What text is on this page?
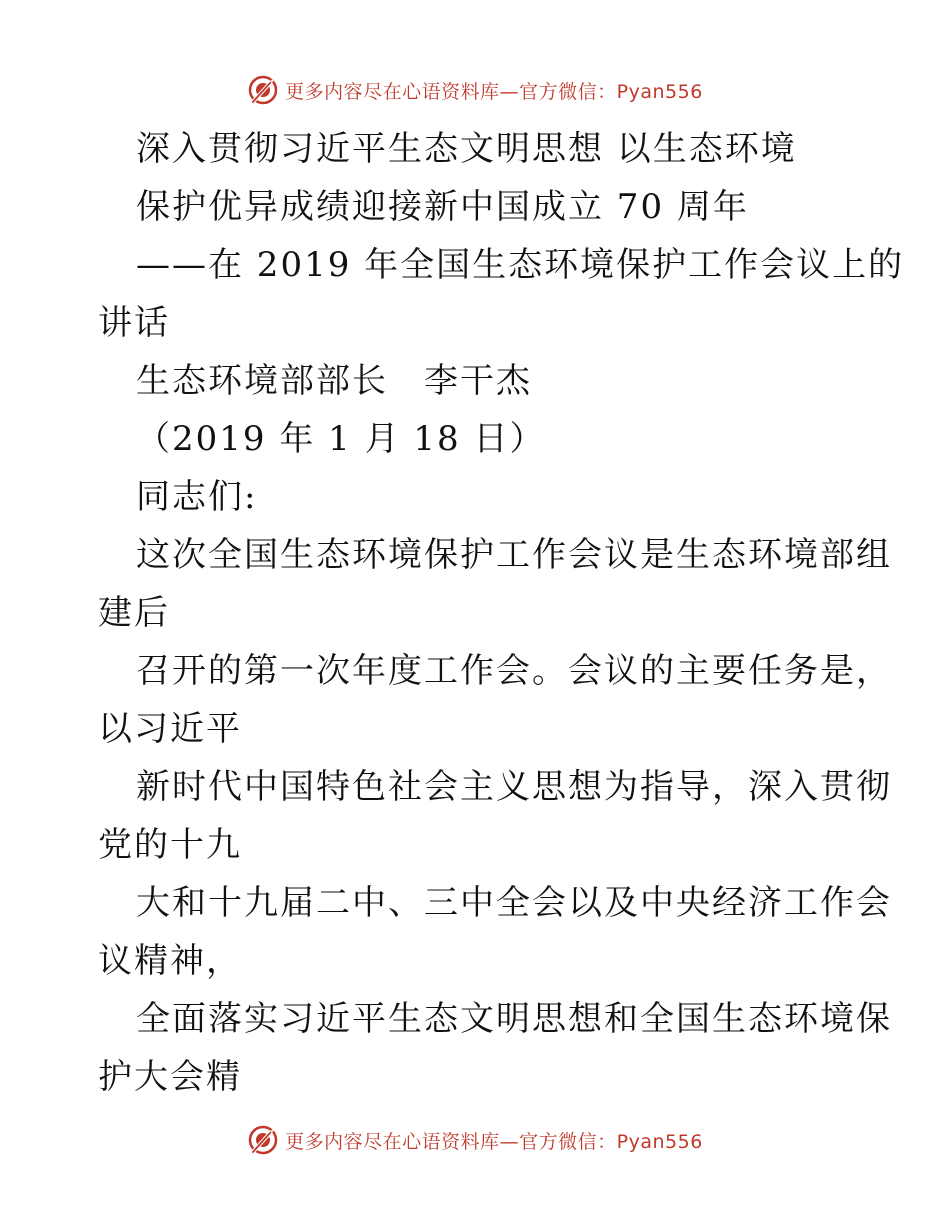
更多内容尽在心语资料库—官方微信：Pyan556
深入贯彻习近平生态文明思想 以生态环境
保护优异成绩迎接新中国成立 70 周年
——在 2019 年全国生态环境保护工作会议上的
讲话
生态环境部部长　李干杰
（2019 年 1 月 18 日）
同志们:
这次全国生态环境保护工作会议是生态环境部组
建后
召开的第一次年度工作会。会议的主要任务是，
以习近平
新时代中国特色社会主义思想为指导，深入贯彻
党的十九
大和十九届二中、三中全会以及中央经济工作会
议精神，
全面落实习近平生态文明思想和全国生态环境保
护大会精
更多内容尽在心语资料库—官方微信：Pyan556
